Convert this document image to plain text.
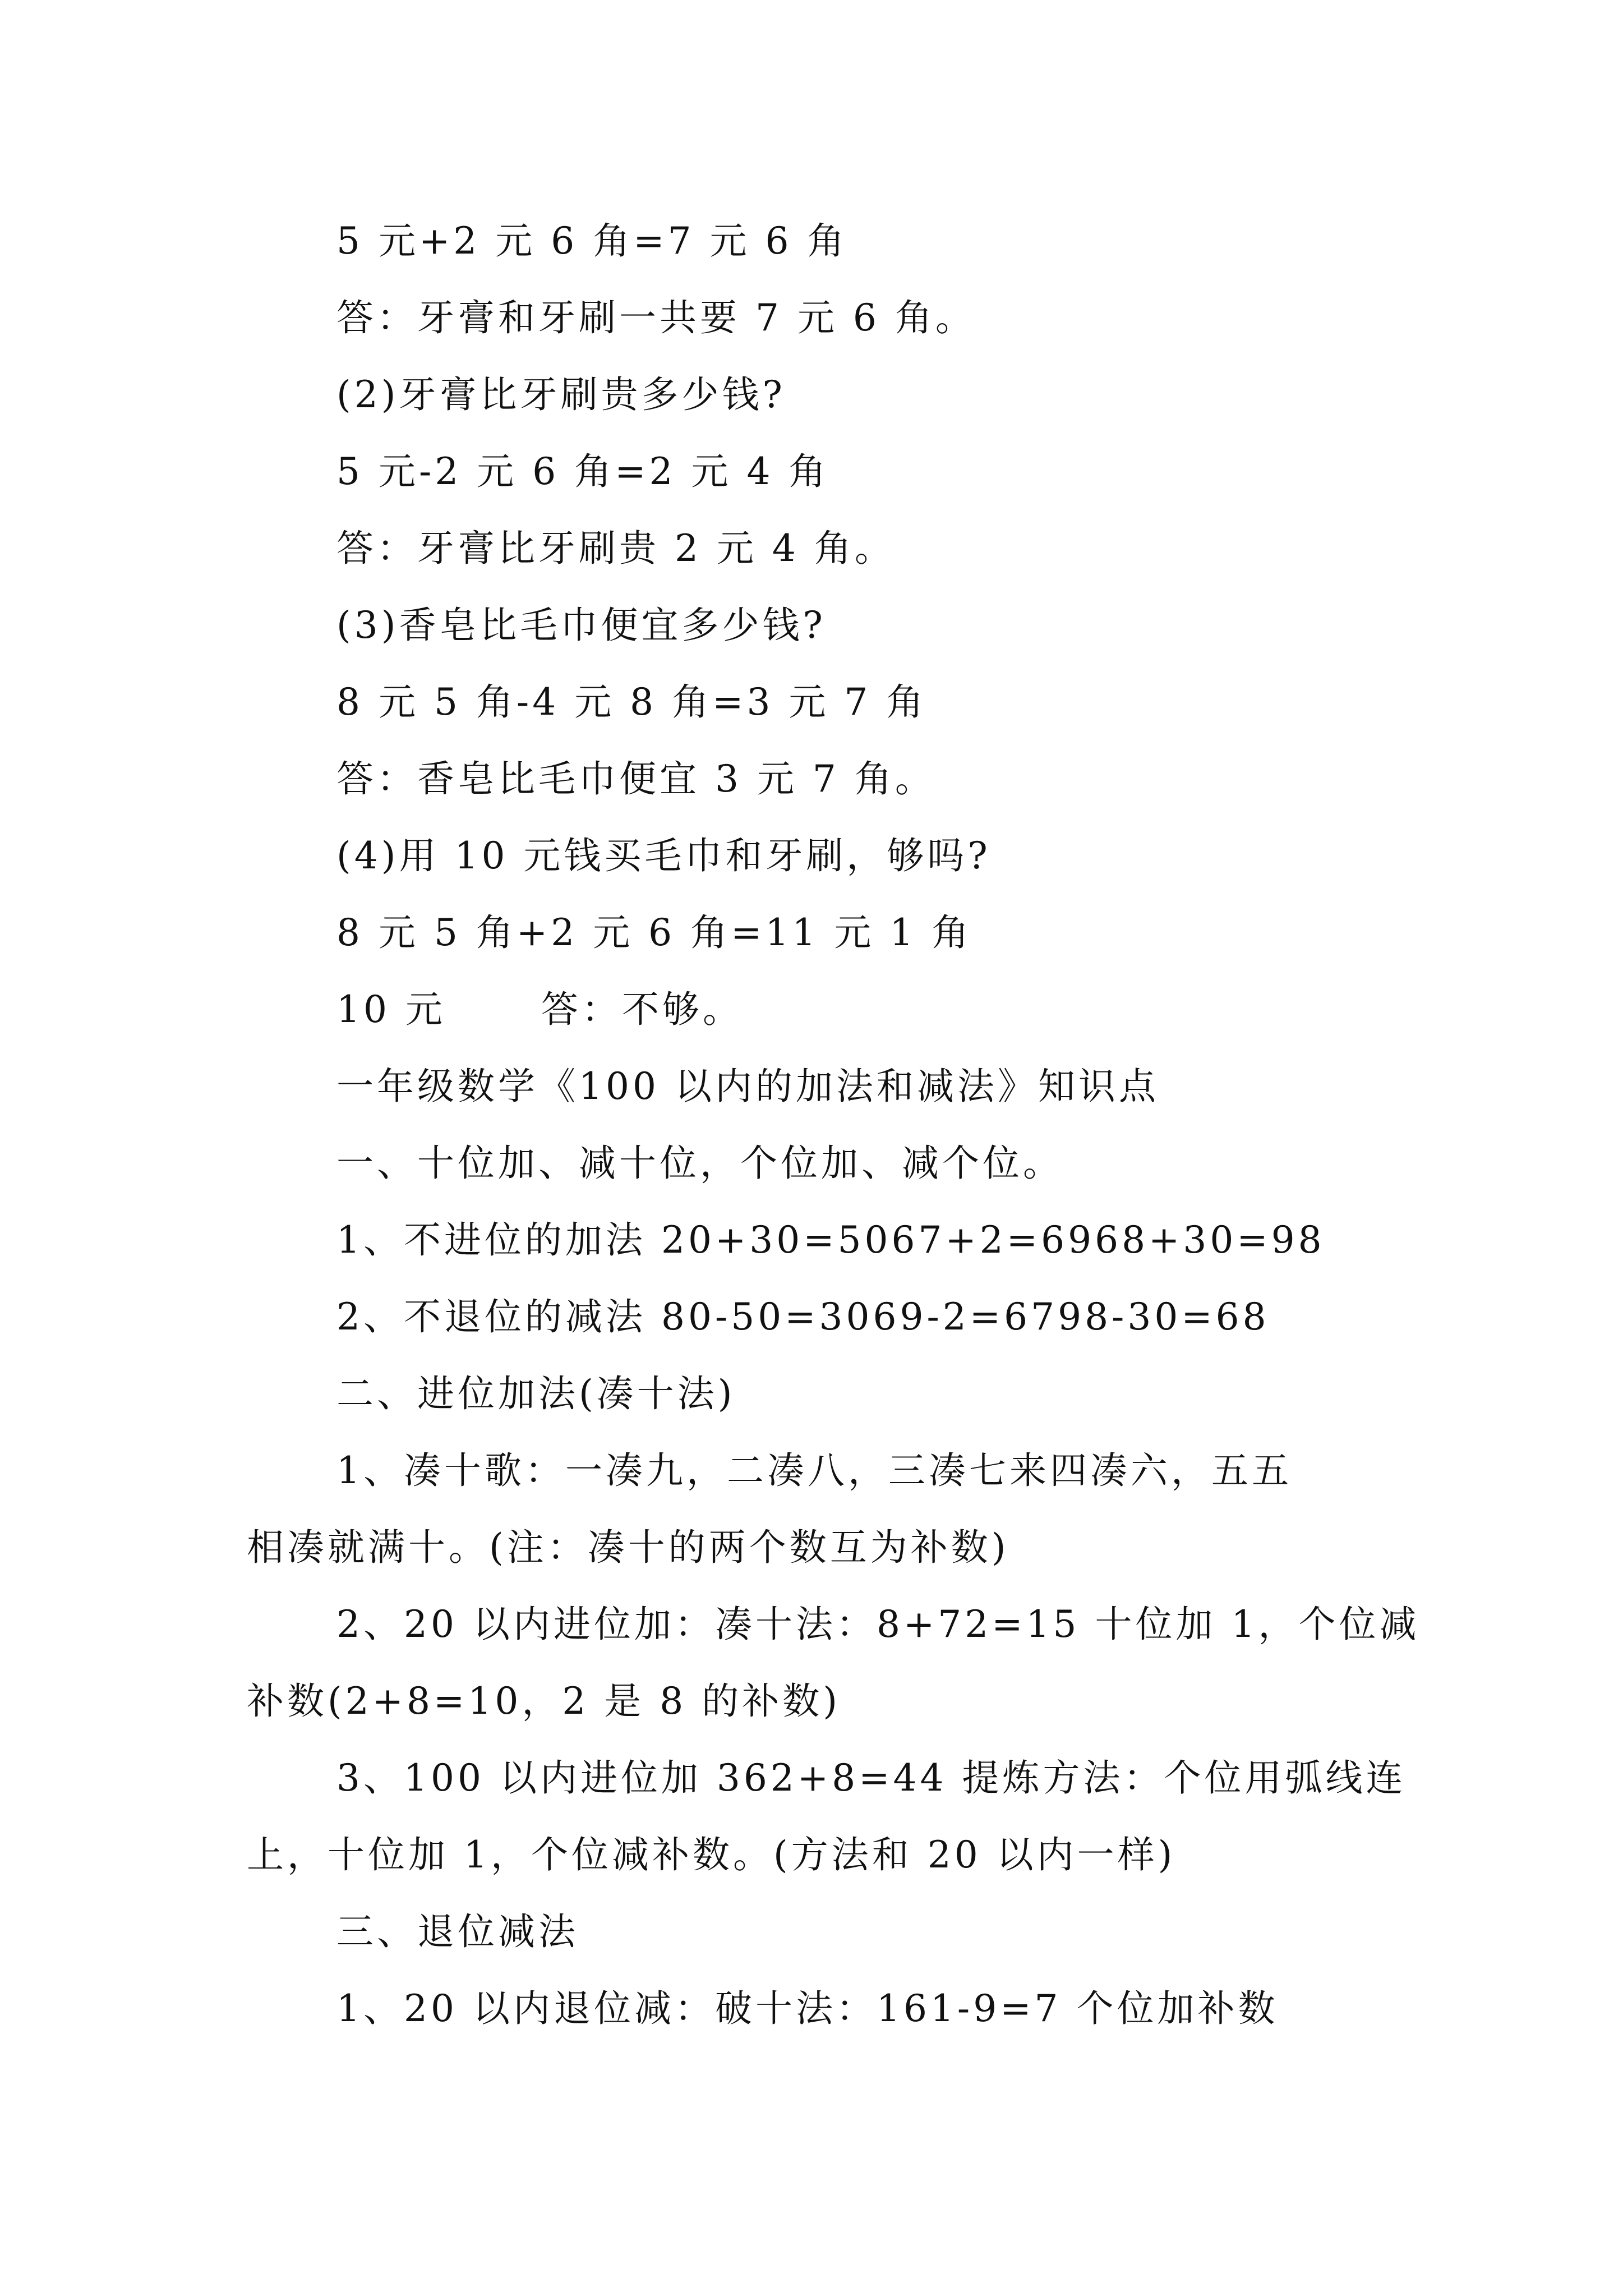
5 元+2 元 6 角=7 元 6 角
答：牙膏和牙刷一共要 7 元 6 角。
(2)牙膏比牙刷贵多少钱?
5 元-2 元 6 角=2 元 4 角
答：牙膏比牙刷贵 2 元 4 角。
(3)香皂比毛巾便宜多少钱?
8 元 5 角-4 元 8 角=3 元 7 角
答：香皂比毛巾便宜 3 元 7 角。
(4)用 10 元钱买毛巾和牙刷，够吗?
8 元 5 角+2 元 6 角=11 元 1 角
10 元	答：不够。
一年级数学《100 以内的加法和减法》知识点
一、十位加、减十位，个位加、减个位。
1、不进位的加法 20+30=5067+2=6968+30=98
2、不退位的减法 80-50=3069-2=6798-30=68
二、进位加法(凑十法)
1、凑十歌：一凑九，二凑八，三凑七来四凑六，五五
相凑就满十。(注：凑十的两个数互为补数)
2、20 以内进位加：凑十法：8+72=15 十位加 1，个位减
补数(2+8=10，2 是 8 的补数)
3、100 以内进位加 362+8=44 提炼方法：个位用弧线连
上，十位加 1，个位减补数。(方法和 20 以内一样)
三、退位减法
1、20 以内退位减：破十法：161-9=7 个位加补数
